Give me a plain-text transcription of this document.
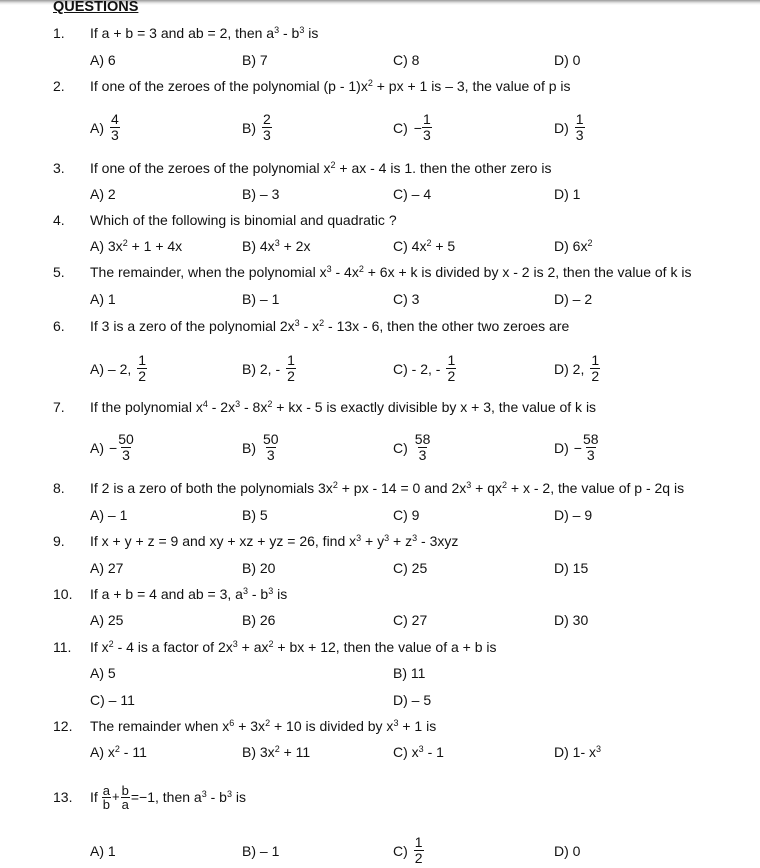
QUESTIONS
1. If a + b = 3 and ab = 2, then $a^3 - b^3$ is
A) 6	B) 7	C) 8	D) 0
2. If one of the zeroes of the polynomial $(p - 1)x^2$ + px + 1 is – 3, the value of p is
$A) \frac{4}{3}$	$B) \frac{2}{3}$	$C) - \frac{1}{3}$	$D) \frac{1}{3}$
3. If one of the zeroes of the polynomial $x^2$ + ax - 4 is 1. then the other zero is
A) 2	B) – 3	C) – 4	D) 1
4. Which of the following is binomial and quadratic ?
A) $3x^2 + 1 + 4x$	B) $4x^3 + 2x$	C) $4x^2 + 5$	D) $6x^2$
5. The remainder, when the polynomial $x^3 - 4x^2 + 6x + k$ is divided by x - 2 is 2, then the value of k is
A) 1	B) – 1	C) 3	D) – 2
6. If 3 is a zero of the polynomial $2x^3 - x^2 - 13x - 6$, then the other two zeroes are
A) – 2, $\frac{1}{2}$	B) 2, - $\frac{1}{2}$	C) - 2, - $\frac{1}{2}$	D) 2, $\frac{1}{2}$
7. If the polynomial $x^4 - 2x^3 - 8x^2$ + kx - 5 is exactly divisible by x + 3, the value of k is
$A) - \frac{50}{3}$	$B) \frac{50}{3}$	$C) \frac{58}{3}$	$D) - \frac{58}{3}$
8. If 2 is a zero of both the polynomials $3x^2$ + px - 14 = 0 and $2x^3 + qx^2 + x - 2$, the value of p - 2q is
A) – 1	B) 5	C) 9	D) – 9
9. If x + y + z = 9 and xy + xz + yz = 26, find $x^3 + y^3 + z^3 - 3xyz$
A) 27	B) 20	C) 25	D) 15
10. If a + b = 4 and ab = 3, $a^3 - b^3$ is
A) 25	B) 26	C) 27	D) 30
11. If $x^2 - 4$ is a factor of $2x^3 + ax^2$ + bx + 12, then the value of a + b is
A) 5	B) 11
C) – 11	D) – 5
12. The remainder when $x^6 + 3x^2 + 10$ is divided by $x^3 + 1$ is
A) $x^2 - 11$	B) $3x^2 + 11$	C) $x^3 - 1$	D) 1- $x^3$
13. If $\frac{a}{b} + \frac{b}{a} =-1$ , then $a^3 - b^3$ is
A) 1	B) – 1	$C) \frac{1}{2}$	D) 0
